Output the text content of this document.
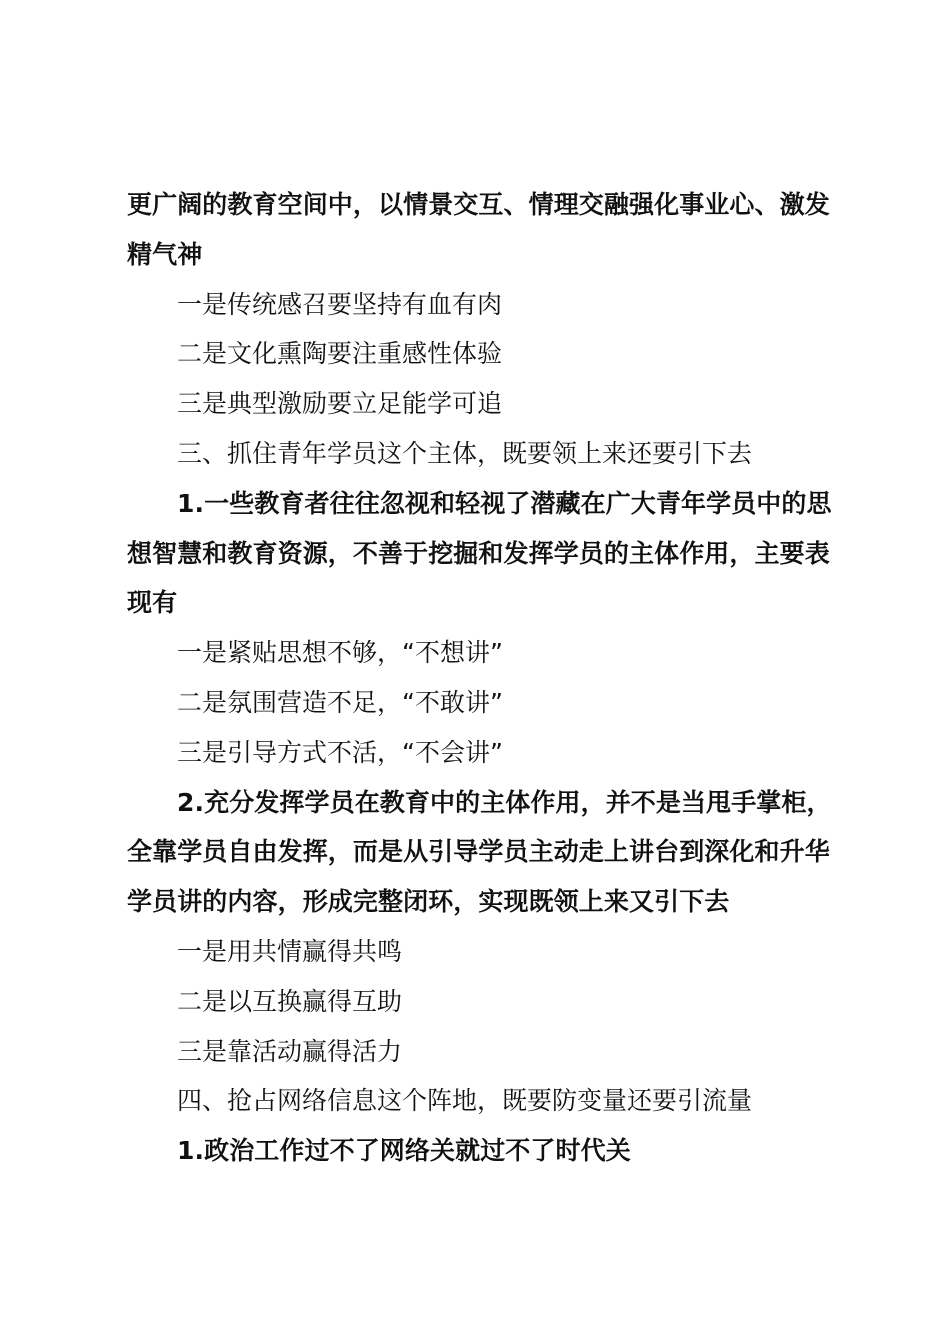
更广阔的教育空间中，以情景交互、情理交融强化事业心、激发精气神

一是传统感召要坚持有血有肉

二是文化熏陶要注重感性体验

三是典型激励要立足能学可追

三、抓住青年学员这个主体，既要领上来还要引下去

1.一些教育者往往忽视和轻视了潜藏在广大青年学员中的思想智慧和教育资源，不善于挖掘和发挥学员的主体作用，主要表现有

一是紧贴思想不够，“不想讲”

二是氛围营造不足，“不敢讲”

三是引导方式不活，“不会讲”

2.充分发挥学员在教育中的主体作用，并不是当甩手掌柜，全靠学员自由发挥，而是从引导学员主动走上讲台到深化和升华学员讲的内容，形成完整闭环，实现既领上来又引下去

一是用共情赢得共鸣

二是以互换赢得互助

三是靠活动赢得活力

四、抢占网络信息这个阵地，既要防变量还要引流量

1.政治工作过不了网络关就过不了时代关
